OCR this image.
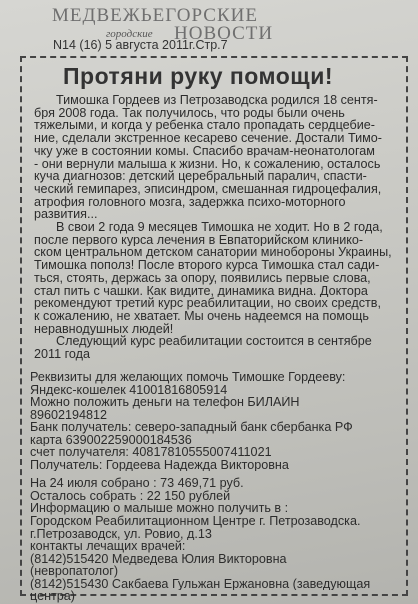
МЕДВЕЖЬЕГОРСКИЕ
городские НОВОСТИ
N14 (16) 5 августа 2011г.Стр.7
Протяни руку помощи!
Тимошка Гордеев из Петрозаводска родился 18 сентя-
бря 2008 года. Так получилось, что роды были очень
тяжелыми, и когда у ребенка стало пропадать сердцебие-
ние, сделали экстренное кесарево сечение. Достали Тимо-
чку уже в состоянии комы. Спасибо врачам-неонатологам
- они вернули малыша к жизни. Но, к сожалению, осталось
куча диагнозов: детский церебральный паралич, спасти-
ческий гемипарез, эписиндром, смешанная гидроцефалия,
атрофия головного мозга, задержка психо-моторного
развития...
В свои 2 года 9 месяцев Тимошка не ходит. Но в 2 года,
после первого курса лечения в Евпаторийском клинико-
ском центральном детском санатории минобороны Украины,
Тимошка пополз! После второго курса Тимошка стал сади-
ться, стоять, держась за опору, появились первые слова,
стал пить с чашки. Как видите, динамика видна. Доктора
рекомендуют третий курс реабилитации, но своих средств,
к сожалению, не хватает. Мы очень надеемся на помощь
неравнодушных людей!
Следующий курс реабилитации состоится в сентябре
2011 года
Реквизиты для желающих помочь Тимошке Гордееву:
Яндекс-кошелек 41001816805914
Можно положить деньги на телефон БИЛАЙН
89602194812
Банк получатель: северо-западный банк сбербанка РФ
карта 639002259000184536
счет получателя: 40817810555007411021
Получатель: Гордеева Надежда Викторовна
На 24 июля собрано : 73 469,71 руб.
Осталось собрать : 22 150 рублей
Информацию о малыше можно получить в :
Городском Реабилитационном Центре г. Петрозаводска.
г.Петрозаводск, ул. Ровио, д.13
контакты лечащих врачей:
(8142)515420 Медведева Юлия Викторовна
(невропатолог)
(8142)515430 Сакбаева Гульжан Ержановна (заведующая
центра)
